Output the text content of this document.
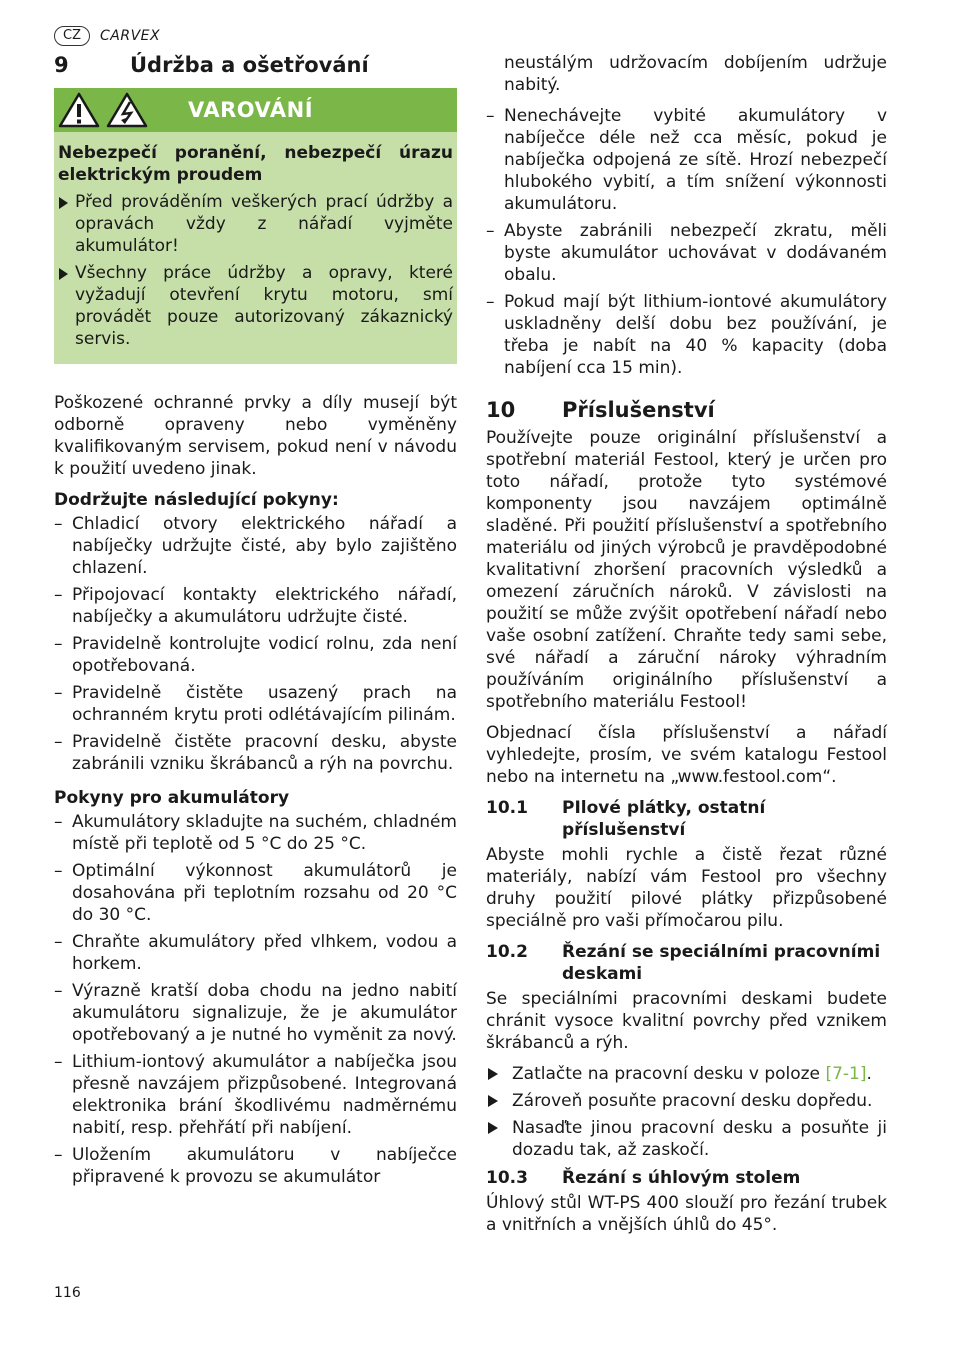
CZ	CARVEX
9	Údržba a ošetřování
VAROVÁNÍ
Nebezpečí poranění, nebezpečí úrazu elektrickým proudem
Před prováděním veškerých prací údržby a opravách vždy z nářadí vyjměte akumulátor!
Všechny práce údržby a opravy, které vyžadují otevření krytu motoru, smí provádět pouze autorizovaný zákaznický servis.

Poškozené ochranné prvky a díly musejí být odborně opraveny nebo vyměněny kvalifikovaným servisem, pokud není v návodu k použití uvedeno jinak.

Dodržujte následující pokyny:
– Chladicí otvory elektrického nářadí a nabíječky udržujte čisté, aby bylo zajištěno chlazení.
– Připojovací kontakty elektrického nářadí, nabíječky a akumulátoru udržujte čisté.
– Pravidelně kontrolujte vodicí rolnu, zda není opotřebovaná.
– Pravidelně čistěte usazený prach na ochranném krytu proti odlétávajícím pilinám.
– Pravidelně čistěte pracovní desku, abyste zabránili vzniku škrábanců a rýh na povrchu.
Pokyny pro akumulátory
– Akumulátory skladujte na suchém, chladném místě při teplotě od 5 °C do 25 °C.
– Optimální výkonnost akumulátorů je dosahována při teplotním rozsahu od 20 °C do 30 °C.
– Chraňte akumulátory před vlhkem, vodou a horkem.
– Výrazně kratší doba chodu na jedno nabití akumulátoru signalizuje, že je akumulátor opotřebovaný a je nutné ho vyměnit za nový.
– Lithium-iontový akumulátor a nabíječka jsou přesně navzájem přizpůsobené. Integrovaná elektronika brání škodlivému nadměrnému nabití, resp. přehřátí při nabíjení.
– Uložením akumulátoru v nabíječce připravené k provozu se akumulátor

neustálým udržovacím dobíjením udržuje nabitý.

– Nenechávejte vybité akumulátory v nabíječce déle než cca měsíc, pokud je nabíječka odpojená ze sítě. Hrozí nebezpečí hlubokého vybití, a tím snížení výkonnosti akumulátoru.
– Abyste zabránili nebezpečí zkratu, měli byste akumulátor uchovávat v dodávaném obalu.
– Pokud mají být lithium-iontové akumulátory uskladněny delší dobu bez používání, je třeba je nabít na 40 % kapacity (doba nabíjení cca 15 min).
10	Příslušenství

Používejte pouze originální příslušenství a spotřební materiál Festool, který je určen pro toto nářadí, protože tyto systémové komponenty jsou navzájem optimálně sladěné. Při použití příslušenství a spotřebního materiálu od jiných výrobců je pravděpodobné kvalitativní zhoršení pracovních výsledků a omezení záručních nároků. V závislosti na použití se může zvýšit opotřebení nářadí nebo vaše osobní zatížení. Chraňte tedy sami sebe, své nářadí a záruční nároky výhradním používáním originálního příslušenství a spotřebního materiálu Festool!

Objednací čísla příslušenství a nářadí vyhledejte, prosím, ve svém katalogu Festool nebo na internetu na „www.festool.com“.

10.1	PIlové plátky, ostatní příslušenství

Abyste mohli rychle a čistě řezat různé materiály, nabízí vám Festool pro všechny druhy použití pilové plátky přizpůsobené speciálně pro vaši přímočarou pilu.

10.2	Řezání se speciálními pracovními deskami

Se speciálními pracovními deskami budete chránit vysoce kvalitní povrchy před vznikem škrábanců a rýh.

Zatlačte na pracovní desku v poloze [7-1].
Zároveň posuňte pracovní desku dopředu.
Nasaďte jinou pracovní desku a posuňte ji dozadu tak, až zaskočí.
10.3	Řezání s úhlovým stolem

Úhlový stůl WT-PS 400 slouží pro řezání trubek a vnitřních a vnějších úhlů do 45°.

116
